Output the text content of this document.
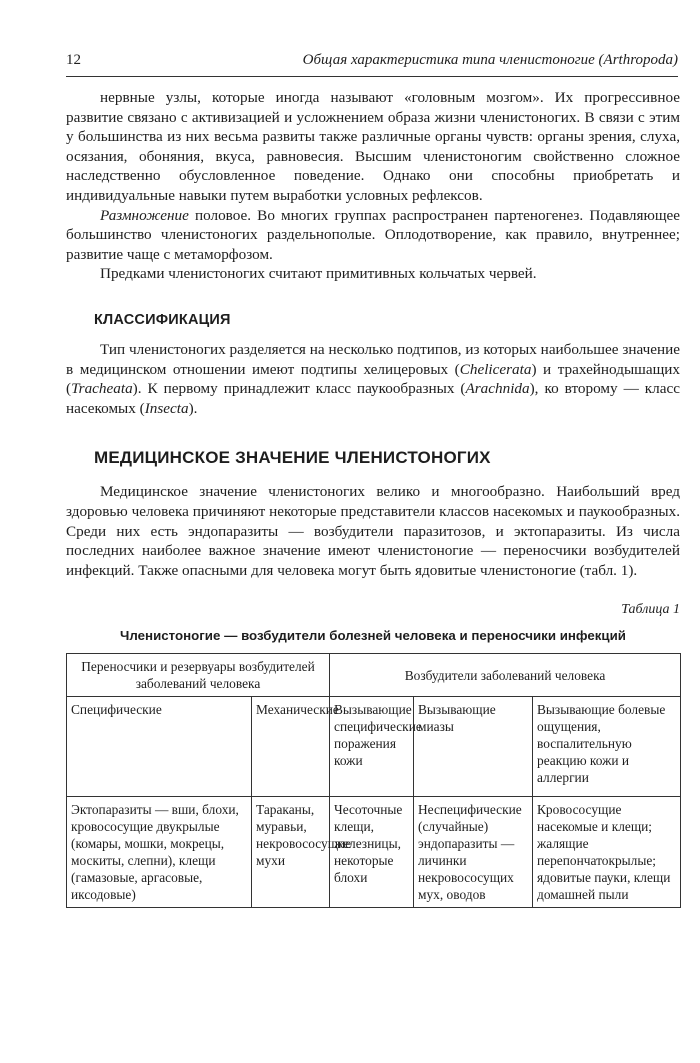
12	Общая характеристика типа членистоногие (Arthropoda)

нервные узлы, которые иногда называют «головным мозгом». Их прогрессивное развитие связано с активизацией и усложнением образа жизни членистоногих. В связи с этим у большинства из них весьма развиты также различные органы чувств: органы зрения, слуха, осязания, обоняния, вкуса, равновесия. Высшим членистоногим свойственно сложное наследственно обусловленное поведение. Однако они способны приобретать и индивидуальные навыки путем выработки условных рефлексов.

Размножение половое. Во многих группах распространен партеногенез. Подавляющее большинство членистоногих раздельнополые. Оплодотворение, как правило, внутреннее; развитие чаще с метаморфозом.

Предками членистоногих считают примитивных кольчатых червей.

КЛАССИФИКАЦИЯ

Тип членистоногих разделяется на несколько подтипов, из которых наибольшее значение в медицинском отношении имеют подтипы хелицеровых (Chelicerata) и трахейнодышащих (Tracheata). К первому принадлежит класс паукообразных (Arachnida), ко второму — класс насекомых (Insecta).

МЕДИЦИНСКОЕ ЗНАЧЕНИЕ ЧЛЕНИСТОНОГИХ

Медицинское значение членистоногих велико и многообразно. Наибольший вред здоровью человека причиняют некоторые представители классов насекомых и паукообразных. Среди них есть эндопаразиты — возбудители паразитозов, и эктопаразиты. Из числа последних наиболее важное значение имеют членистоногие — переносчики возбудителей инфекций. Также опасными для человека могут быть ядовитые членистоногие (табл. 1).

Таблица 1
Членистоногие — возбудители болезней человека и переносчики инфекций
Переносчики и резервуары возбудителей заболеваний человека		Возбудители заболеваний человека		
Специфические	Механические	Вызывающие специфические поражения кожи	Вызывающие миазы	Вызывающие болевые ощущения, воспалительную реакцию кожи и аллергии
Эктопаразиты — вши, блохи, кровососущие двукрылые (комары, мошки, мокрецы, москиты, слепни), клещи (гамазовые, аргасовые, иксодовые)	Тараканы, муравьи, некровососущие мухи	Чесоточные клещи, железницы, некоторые блохи	Неспецифические (случайные) эндопаразиты — личинки некровососущих мух, оводов	Кровососущие насекомые и клещи; жалящие перепончатокрылые; ядовитые пауки, клещи домашней пыли
